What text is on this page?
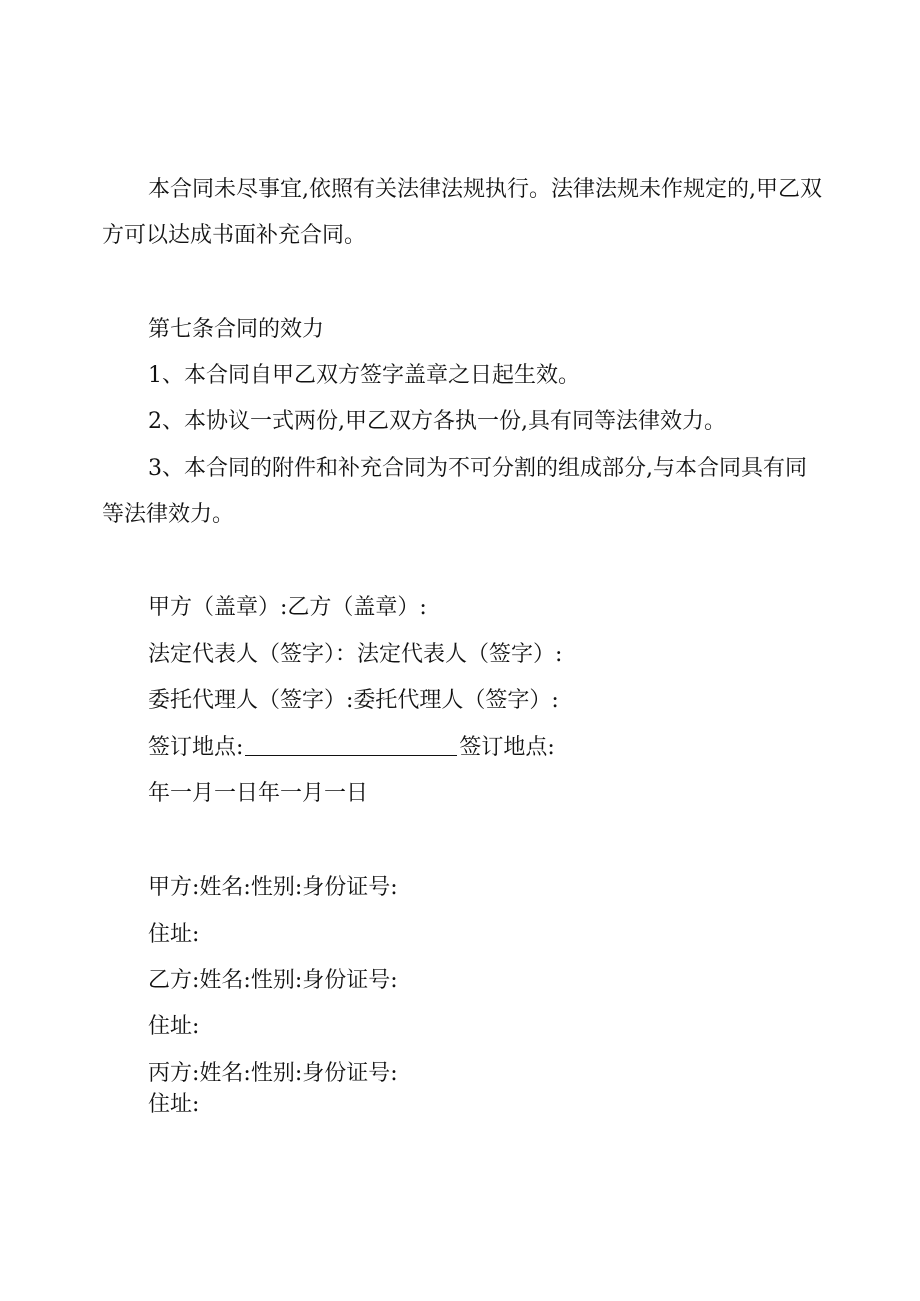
本合同未尽事宜,依照有关法律法规执行。法律法规未作规定的,甲乙双
方可以达成书面补充合同。
第七条合同的效力
1、本合同自甲乙双方签字盖章之日起生效。
2、本协议一式两份,甲乙双方各执一份,具有同等法律效力。
3、本合同的附件和补充合同为不可分割的组成部分,与本合同具有同
等法律效力。
甲方（盖章）:乙方（盖章）:
法定代表人（签字）：法定代表人（签字）:
委托代理人（签字）:委托代理人（签字）:
签订地点:	签订地点:
年一月一日年一月一日
甲方:姓名:性别:身份证号:
住址:
乙方:姓名:性别:身份证号:
住址:
丙方:姓名:性别:身份证号:
住址:
